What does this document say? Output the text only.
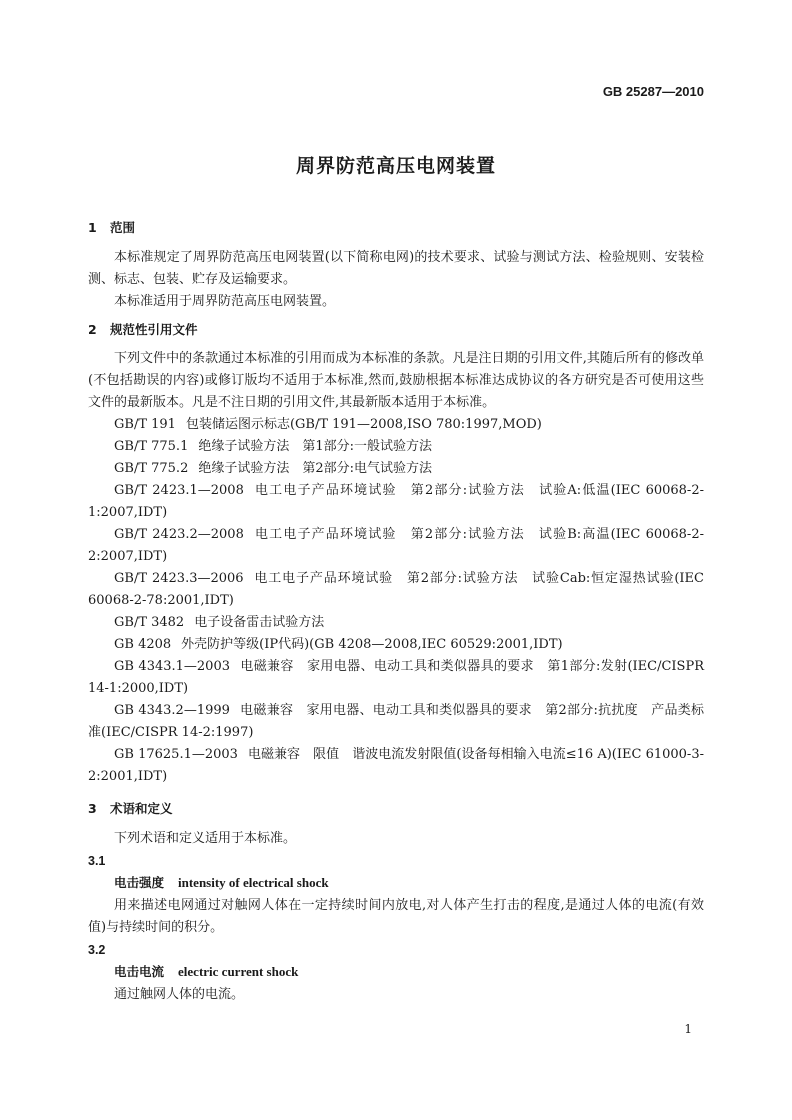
GB 25287—2010
周界防范高压电网装置
1 范围

本标准规定了周界防范高压电网装置(以下简称电网)的技术要求、试验与测试方法、检验规则、安装检测、标志、包装、贮存及运输要求。

本标准适用于周界防范高压电网装置。

2 规范性引用文件

下列文件中的条款通过本标准的引用而成为本标准的条款。凡是注日期的引用文件,其随后所有的修改单(不包括勘误的内容)或修订版均不适用于本标准,然而,鼓励根据本标准达成协议的各方研究是否可使用这些文件的最新版本。凡是不注日期的引用文件,其最新版本适用于本标准。

GB/T 191 包装储运图示标志(GB/T 191—2008,ISO 780:1997,MOD)
GB/T 775.1 绝缘子试验方法　第1部分:一般试验方法
GB/T 775.2 绝缘子试验方法　第2部分:电气试验方法
GB/T 2423.1—2008 电工电子产品环境试验　第2部分:试验方法　试验A:低温(IEC 60068-2-1:2007,IDT)
GB/T 2423.2—2008 电工电子产品环境试验　第2部分:试验方法　试验B:高温(IEC 60068-2-2:2007,IDT)
GB/T 2423.3—2006 电工电子产品环境试验　第2部分:试验方法　试验Cab:恒定湿热试验(IEC 60068-2-78:2001,IDT)
GB/T 3482 电子设备雷击试验方法
GB 4208 外壳防护等级(IP代码)(GB 4208—2008,IEC 60529:2001,IDT)
GB 4343.1—2003 电磁兼容　家用电器、电动工具和类似器具的要求　第1部分:发射(IEC/CISPR 14-1:2000,IDT)
GB 4343.2—1999 电磁兼容　家用电器、电动工具和类似器具的要求　第2部分:抗扰度　产品类标准(IEC/CISPR 14-2:1997)
GB 17625.1—2003 电磁兼容　限值　谐波电流发射限值(设备每相输入电流≤16 A)(IEC 61000-3-2:2001,IDT)
3 术语和定义

下列术语和定义适用于本标准。

3.1
电击强度 intensity of electrical shock

用来描述电网通过对触网人体在一定持续时间内放电,对人体产生打击的程度,是通过人体的电流(有效值)与持续时间的积分。

3.2
电击电流 electric current shock

通过触网人体的电流。

1
